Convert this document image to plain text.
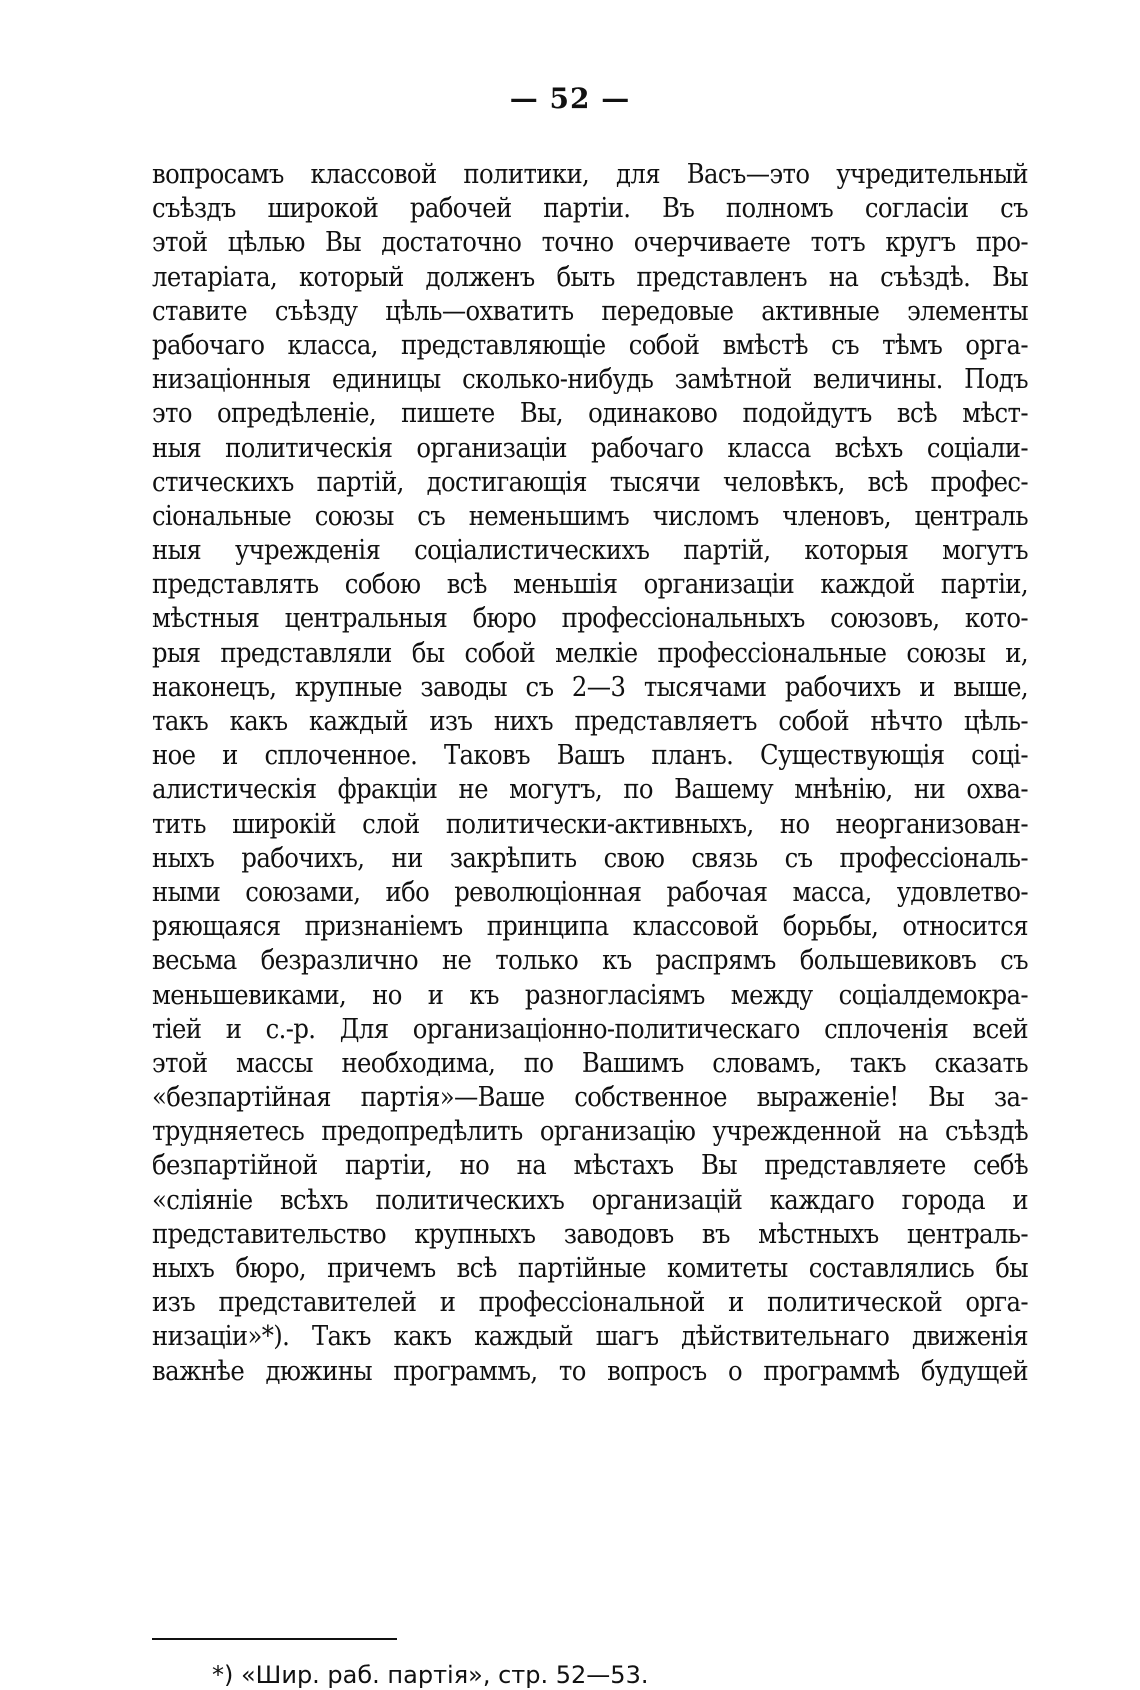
— 52 —
вопросамъ классовой политики, для Васъ—это учредительный
съѣздъ широкой рабочей партіи. Въ полномъ согласіи съ
этой цѣлью Вы достаточно точно очерчиваете тотъ кругъ про-
летаріата, который долженъ быть представленъ на съѣздѣ. Вы
ставите съѣзду цѣль—охватить передовые активные элементы
рабочаго класса, представляющіе собой вмѣстѣ съ тѣмъ орга-
низаціонныя единицы сколько-нибудь замѣтной величины. Подъ
это опредѣленіе, пишете Вы, одинаково подойдутъ всѣ мѣст-
ныя политическія организаціи рабочаго класса всѣхъ соціали-
стическихъ партій, достигающія тысячи человѣкъ, всѣ профес-
сіональные союзы съ неменьшимъ числомъ членовъ, централь
ныя учрежденія соціалистическихъ партій, которыя могутъ
представлять собою всѣ меньшія организаціи каждой партіи,
мѣстныя центральныя бюро профессіональныхъ союзовъ, кото-
рыя представляли бы собой мелкіе профессіональные союзы и,
наконецъ, крупные заводы съ 2—3 тысячами рабочихъ и выше,
такъ какъ каждый изъ нихъ представляетъ собой нѣчто цѣль-
ное и сплоченное. Таковъ Вашъ планъ. Существующія соці-
алистическія фракціи не могутъ, по Вашему мнѣнію, ни охва-
тить широкій слой политически-активныхъ, но неорганизован-
ныхъ рабочихъ, ни закрѣпить свою связь съ профессіональ-
ными союзами, ибо революціонная рабочая масса, удовлетво-
ряющаяся признаніемъ принципа классовой борьбы, относится
весьма безразлично не только къ распрямъ большевиковъ съ
меньшевиками, но и къ разногласіямъ между соціалдемокра-
тіей и с.-р. Для организаціонно-политическаго сплоченія всей
этой массы необходима, по Вашимъ словамъ, такъ сказать
«безпартійная партія»—Ваше собственное выраженіе! Вы за-
трудняетесь предопредѣлить организацію учрежденной на съѣздѣ
безпартійной партіи, но на мѣстахъ Вы представляете себѣ
«сліяніе всѣхъ политическихъ организацій каждаго города и
представительство крупныхъ заводовъ въ мѣстныхъ централь-
ныхъ бюро, причемъ всѣ партійные комитеты составлялись бы
изъ представителей и профессіональной и политической орга-
низаціи»*). Такъ какъ каждый шагъ дѣйствительнаго движенія
важнѣе дюжины программъ, то вопросъ о программѣ будущей
*) «Шир. раб. партія», стр. 52—53.
